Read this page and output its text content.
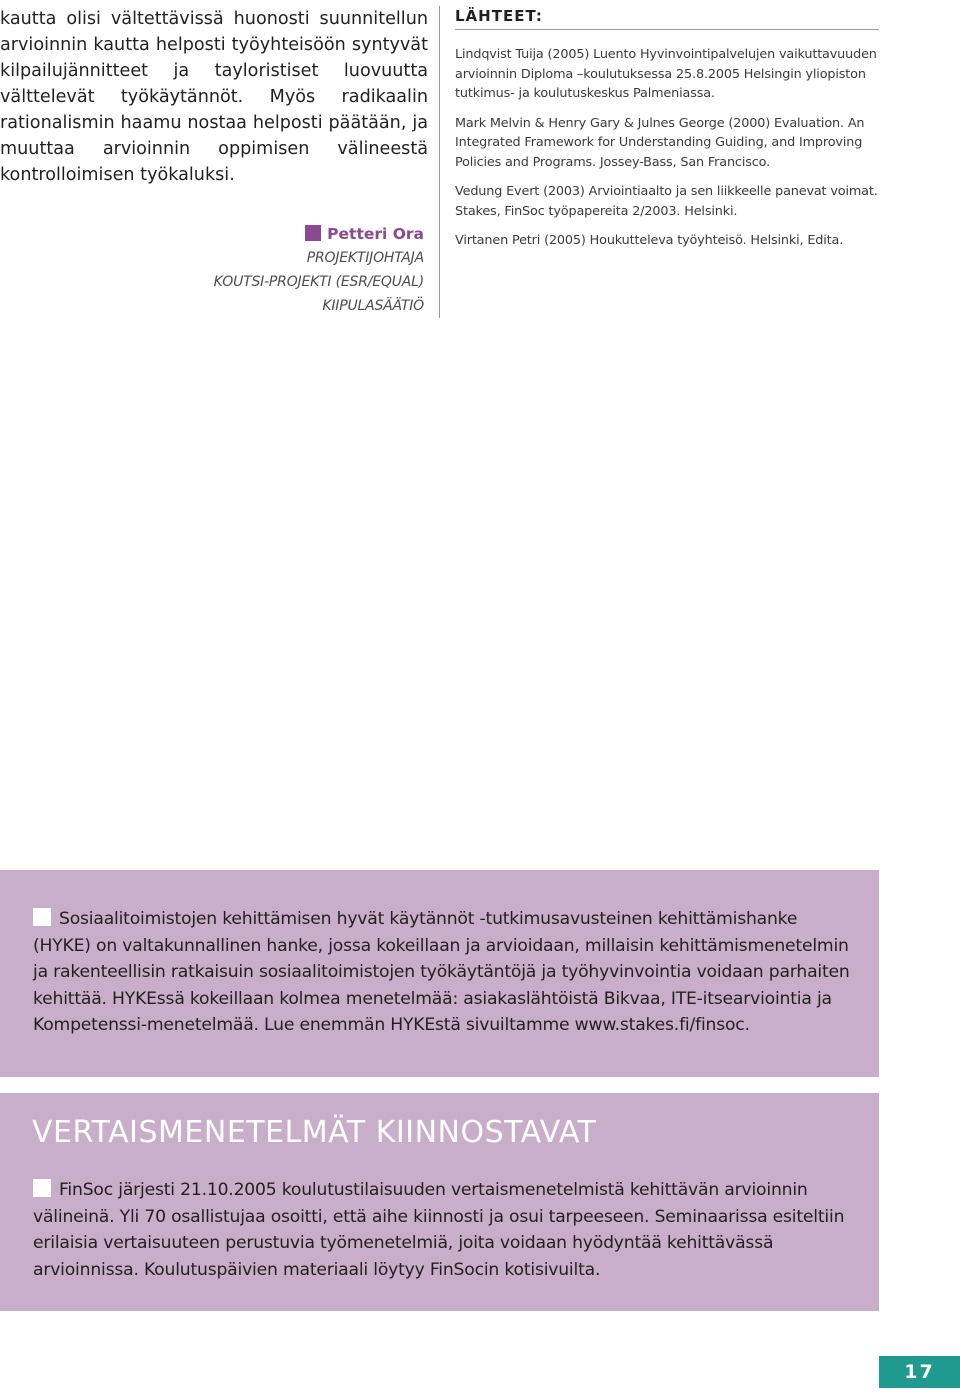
kautta olisi vältettävissä huonosti suunnitellun arvioinnin kautta helposti työyhteisöön syntyvät kilpailujännitteet ja tayloristiset luovuutta välttelevät työkäytännöt. Myös radikaalin rationalismin haamu nostaa helposti päätään, ja muuttaa arvioinnin oppimisen välineestä kontrolloimisen työkaluksi.

Petteri Ora
PROJEKTIJOHTAJA
KOUTSI-PROJEKTI (ESR/EQUAL)
KIIPULASÄÄTIÖ
LÄHTEET:

Lindqvist Tuija (2005) Luento Hyvinvointipalvelujen vaikuttavuuden arvioinnin Diploma –koulutuksessa 25.8.2005 Helsingin yliopiston tutkimus- ja koulutuskeskus Palmeniassa.

Mark Melvin & Henry Gary & Julnes George (2000) Evaluation. An Integrated Framework for Understanding Guiding, and Improving Policies and Programs. Jossey-Bass, San Francisco.

Vedung Evert (2003) Arviointiaalto ja sen liikkeelle panevat voimat. Stakes, FinSoc työpapereita 2/2003. Helsinki.

Virtanen Petri (2005) Houkutteleva työyhteisö. Helsinki, Edita.

Sosiaalitoimistojen kehittämisen hyvät käytännöt -tutkimusavusteinen kehittämishanke (HYKE) on valtakunnallinen hanke, jossa kokeillaan ja arvioidaan, millaisin kehittämismenetelmin ja rakenteellisin ratkaisuin sosiaalitoimistojen työkäytäntöjä ja työhyvinvointia voidaan parhaiten kehittää. HYKEssä kokeillaan kolmea menetelmää: asiakaslähtöistä Bikvaa, ITE-itsearviointia ja Kompetenssi-menetelmää. Lue enemmän HYKEstä sivuiltamme www.stakes.fi/finsoc.

VERTAISMENETELMÄT KIINNOSTAVAT

FinSoc järjesti 21.10.2005 koulutustilaisuuden vertaismenetelmistä kehittävän arvioinnin välineinä. Yli 70 osallistujaa osoitti, että aihe kiinnosti ja osui tarpeeseen. Seminaarissa esiteltiin erilaisia vertaisuuteen perustuvia työmenetelmiä, joita voidaan hyödyntää kehittävässä arvioinnissa. Koulutuspäivien materiaali löytyy FinSocin kotisivuilta.

17
